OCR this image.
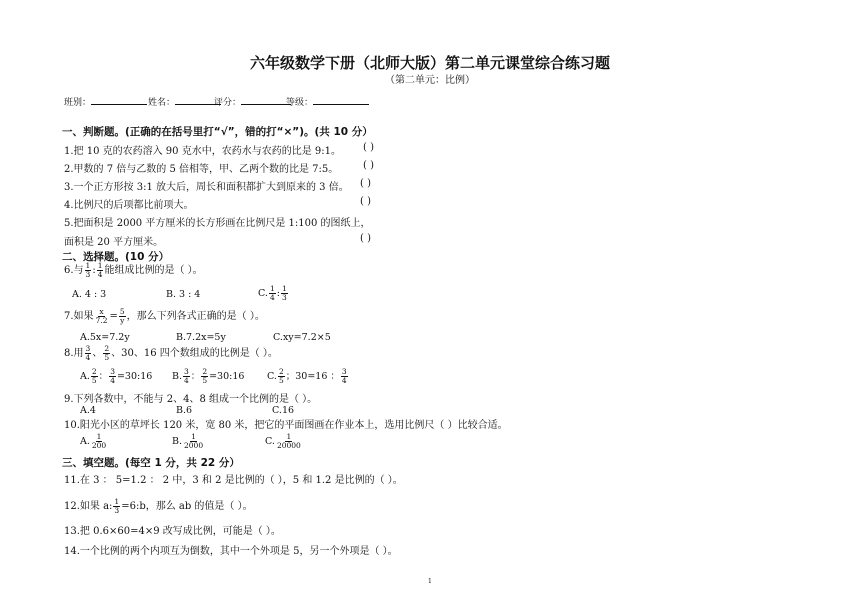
六年级数学下册（北师大版）第二单元课堂综合练习题
（第二单元：比例）
班别：	姓名：	评分：	等级：
一、判断题。(正确的在括号里打“√”，错的打“×”)。(共 10 分）
1.把 10 克的农药溶入 90 克水中，农药水与农药的比是 9:1。 ( )
2.甲数的 7 倍与乙数的 5 倍相等，甲、乙两个数的比是 7:5。 ( )
3.一个正方形按 3:1 放大后，周长和面积都扩大到原来的 3 倍。 ( )
4.比例尺的后项都比前项大。	( )
5.把面积是 2000 平方厘米的长方形画在比例尺是 1:100 的图纸上，
面积是 20 平方厘米。	( )
二、选择题。(10 分）
6.与 $\frac{1}{3}$ : $\frac{1}{4}$ 能组成比例的是（ ）。
A. 4 : 3	B. 3 : 4	C. $\frac{1}{4}$ : $\frac{1}{3}$
7.如果 $\frac{x}{7.2} = \frac{5}{y}$ ，那么下列各式正确的是（ ）。
A.5x=7.2y	B.7.2x=5y	C.xy=7.2×5
8.用 $\frac{3}{4}$ 、 $\frac{2}{5}$ 、30、16 四个数组成的比例是（ ）。
A. $\frac{2}{5}$ ： $\frac{3}{4}$ =30:16 B. $\frac{3}{4}$ ： $\frac{2}{5}$ =30:16 C. $\frac{2}{5}$ ；30=16 ： $\frac{3}{4}$
9.下列各数中，不能与 2、4、8 组成一个比例的是（ ）。
A.4	B.6	C.16
10.阳光小区的草坪长 120 米，宽 80 米，把它的平面图画在作业本上，选用比例尺（ ）比较合适。
A. $\frac{1}{200}$	B. $\frac{1}{2000}$	C. $\frac{1}{20000}$
三、填空题。(每空 1 分，共 22 分）
11.在 3 ： 5=1.2 ： 2 中，3 和 2 是比例的（ ），5 和 1.2 是比例的（ ）。
12.如果 a: $\frac{1}{3}$ =6:b，那么 ab 的值是（ ）。
13.把 0.6×60=4×9 改写成比例，可能是（ ）。
14.一个比例的两个内项互为倒数，其中一个外项是 5，另一个外项是（ ）。
1
